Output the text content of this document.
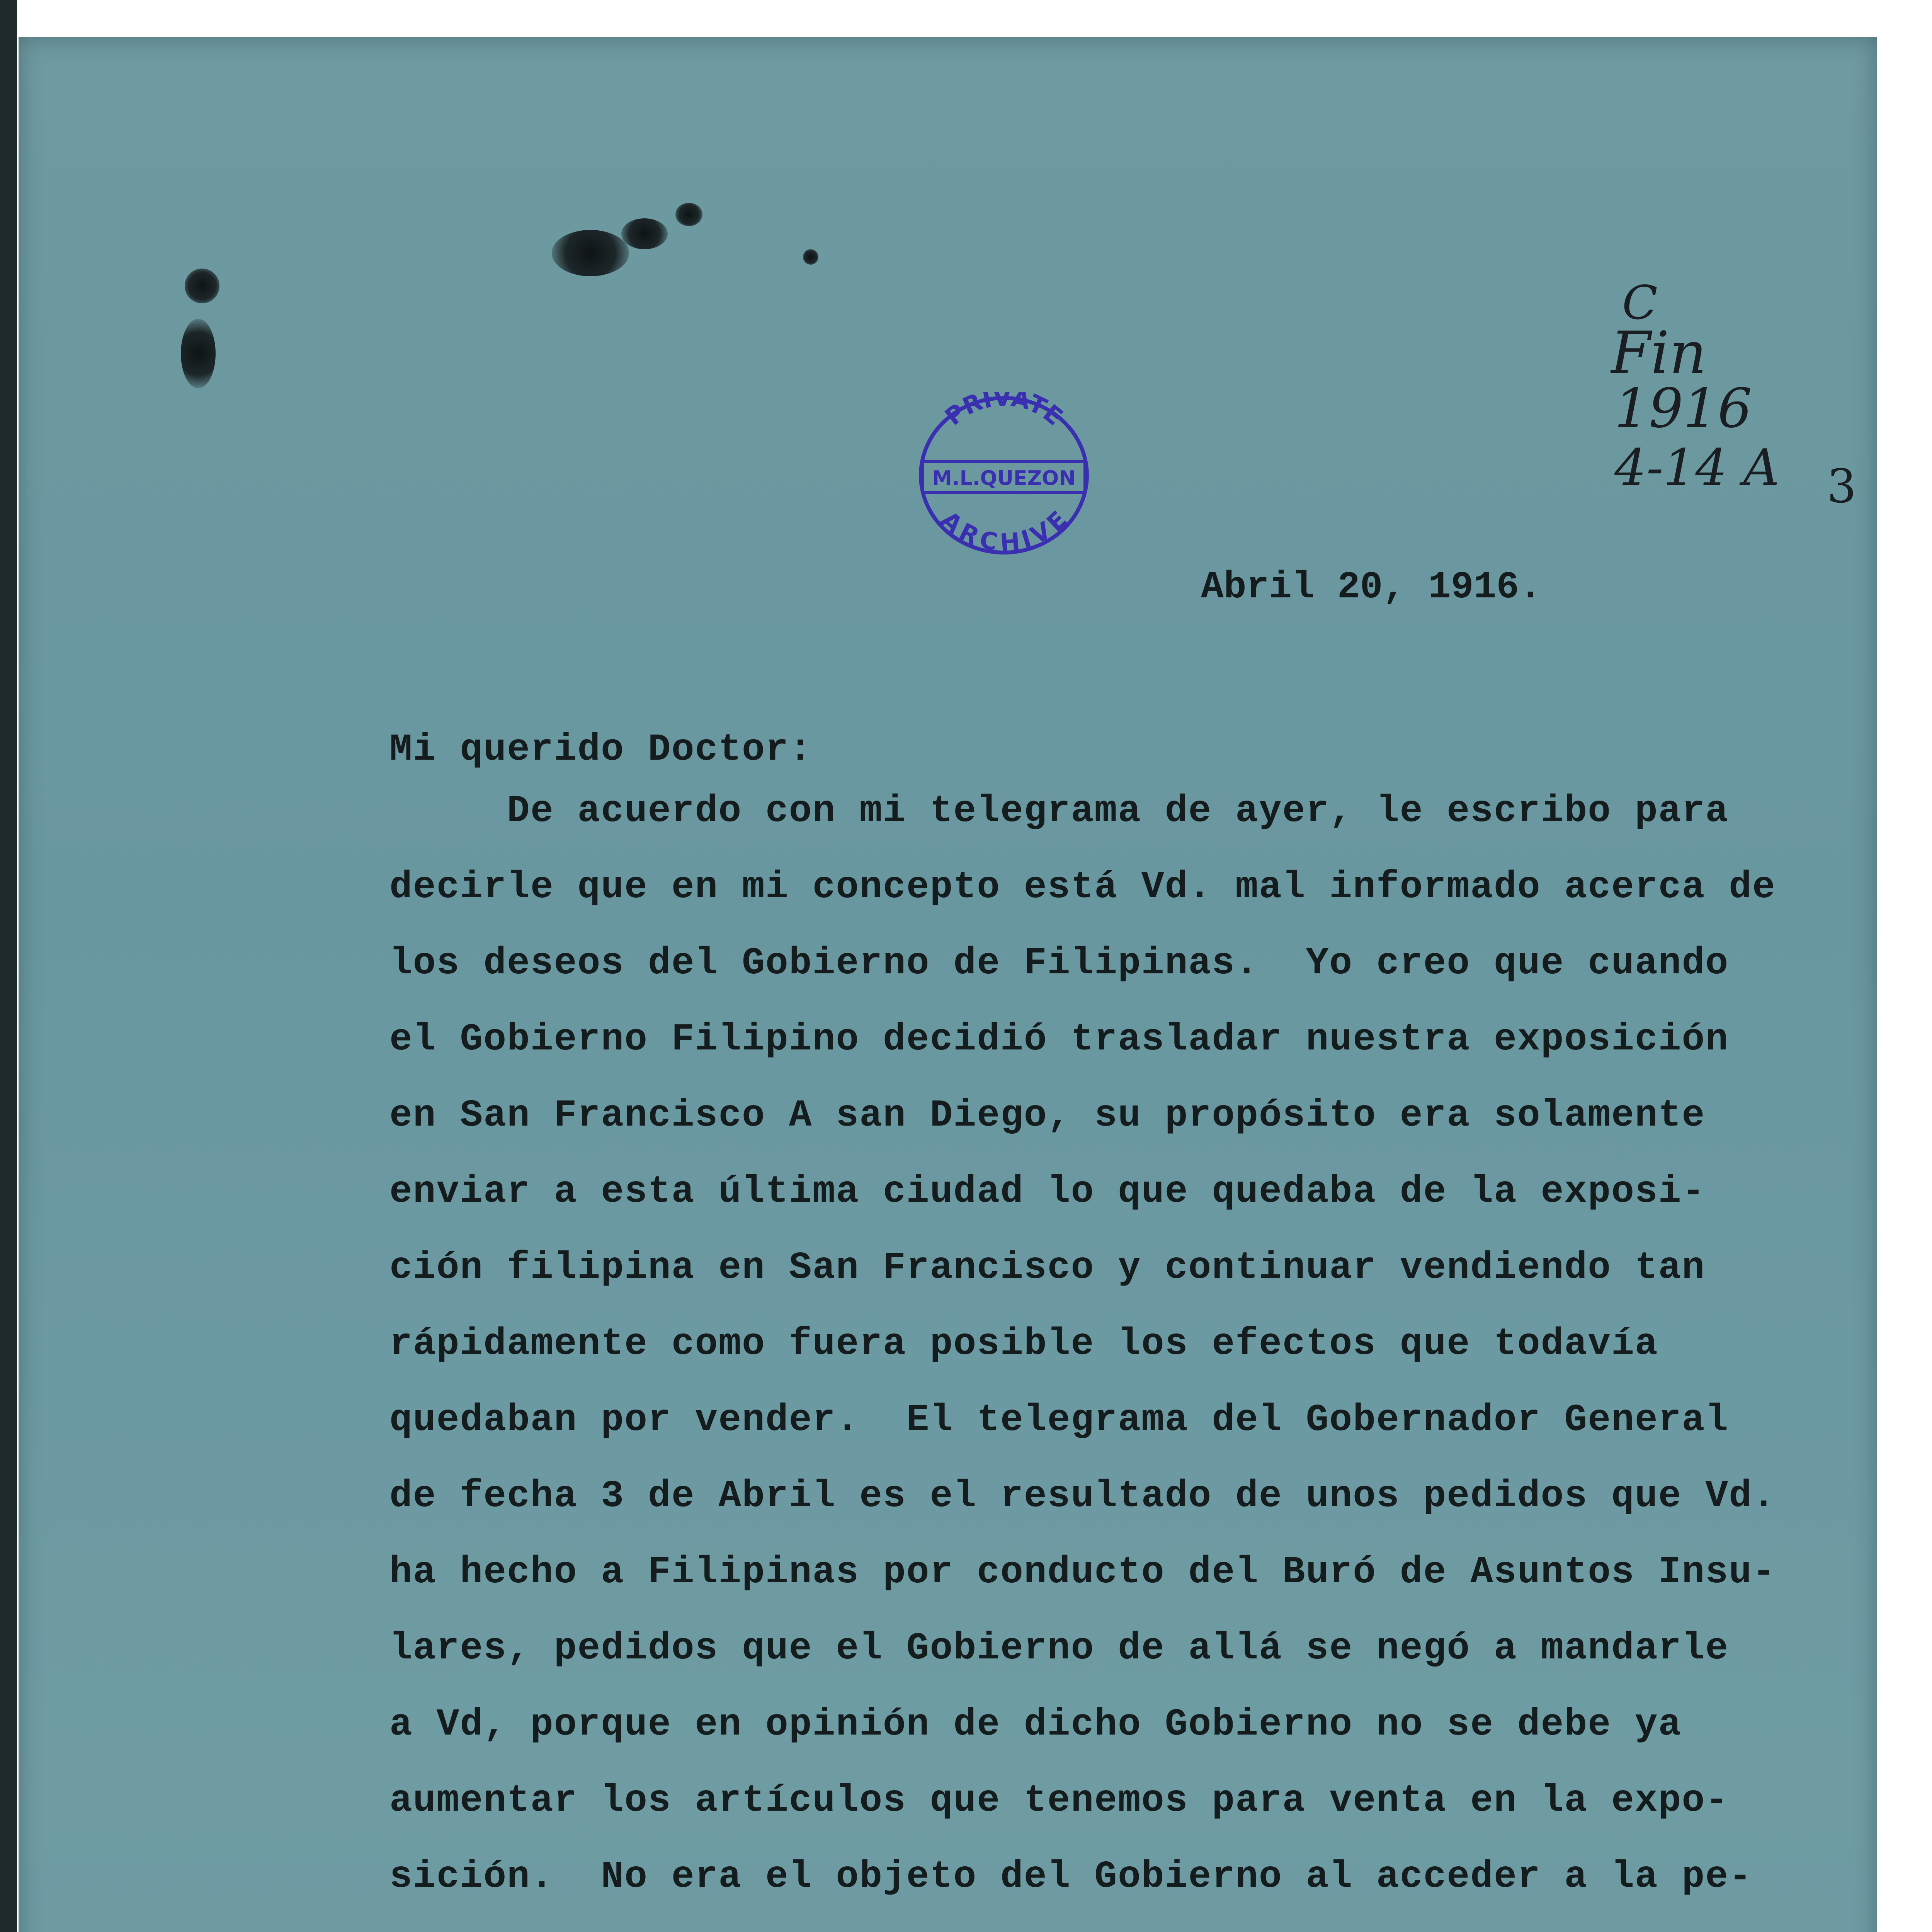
PRIVATE
M.L.QUEZON
ARCHIVE
C
Fin
1916
4-14 A 3
Abril 20, 1916.
Mi querido Doctor:
De acuerdo con mi telegrama de ayer, le escribo para
decirle que en mi concepto está Vd. mal informado acerca de
los deseos del Gobierno de Filipinas.  Yo creo que cuando
el Gobierno Filipino decidió trasladar nuestra exposición
en San Francisco A san Diego, su propósito era solamente
enviar a esta última ciudad lo que quedaba de la exposi-
ción filipina en San Francisco y continuar vendiendo tan
rápidamente como fuera posible los efectos que todavía
quedaban por vender.  El telegrama del Gobernador General
de fecha 3 de Abril es el resultado de unos pedidos que Vd.
ha hecho a Filipinas por conducto del Buró de Asuntos Insu-
lares, pedidos que el Gobierno de allá se negó a mandarle
a Vd, porque en opinión de dicho Gobierno no se debe ya
aumentar los artículos que tenemos para venta en la expo-
sición.  No era el objeto del Gobierno al acceder a la pe-
